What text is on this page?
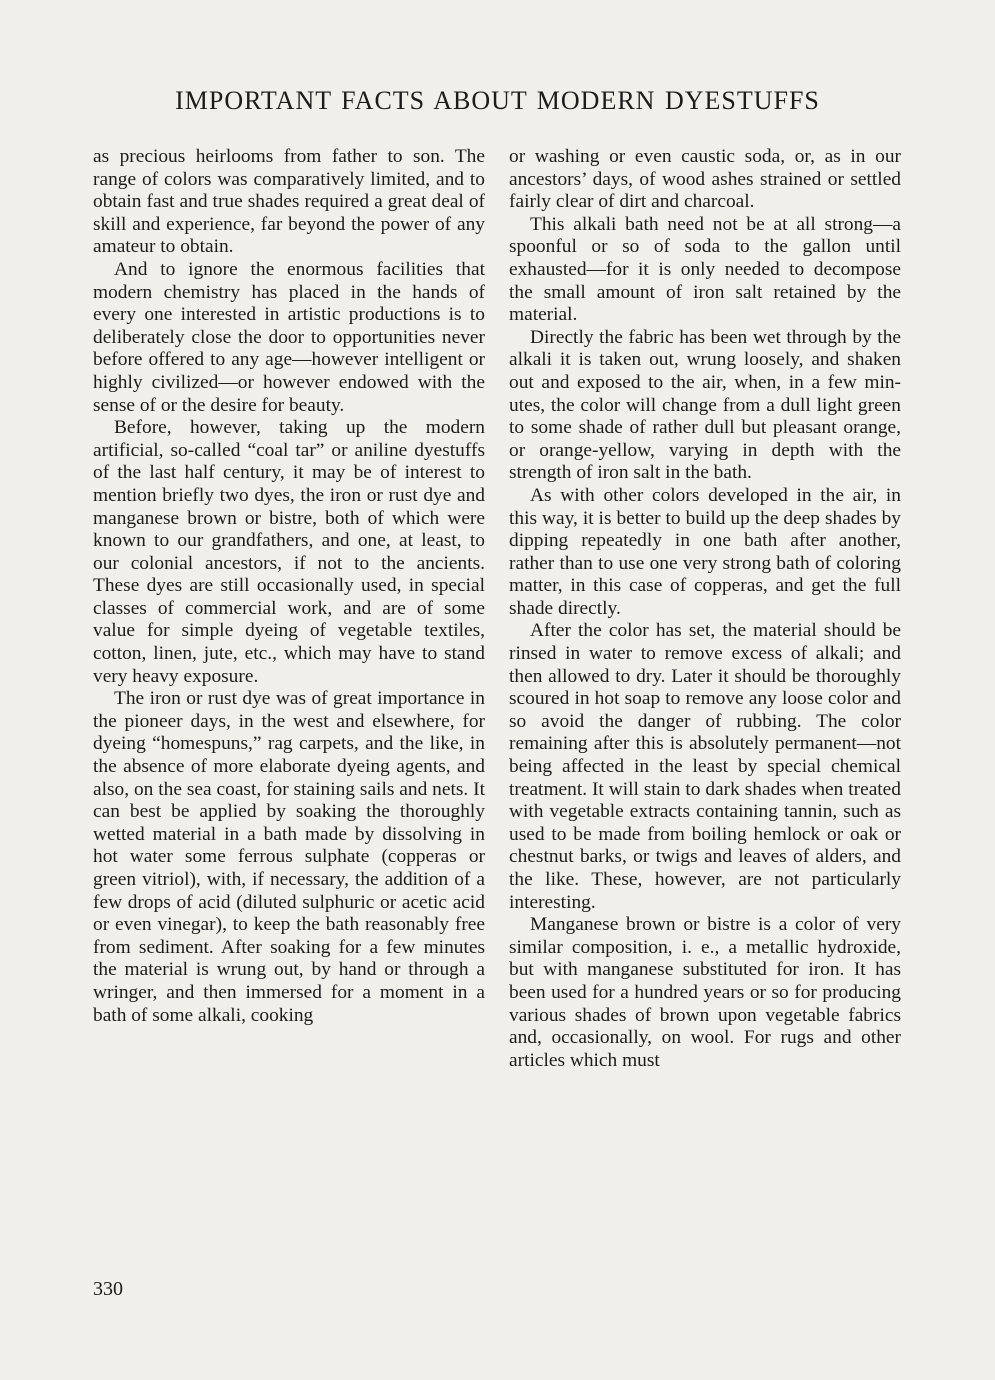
IMPORTANT FACTS ABOUT MODERN DYESTUFFS

as precious heirlooms from father to son. The range of colors was comparatively limited, and to obtain fast and true shades required a great deal of skill and experience, far beyond the power of any amateur to obtain.

And to ignore the enormous facilities that modern chemistry has placed in the hands of every one interested in artistic productions is to deliberately close the door to opportunities never before offered to any age—however intelligent or highly civilized—or however endowed with the sense of or the desire for beauty.

Before, however, taking up the modern artificial, so-called “coal tar” or aniline dyestuffs of the last half century, it may be of interest to mention briefly two dyes, the iron or rust dye and manganese brown or bistre, both of which were known to our grandfathers, and one, at least, to our colonial ancestors, if not to the ancients. These dyes are still occasionally used, in special classes of commercial work, and are of some value for simple dyeing of vegetable textiles, cotton, linen, jute, etc., which may have to stand very heavy exposure.

The iron or rust dye was of great importance in the pioneer days, in the west and elsewhere, for dyeing “homespuns,” rag carpets, and the like, in the absence of more elaborate dyeing agents, and also, on the sea coast, for staining sails and nets. It can best be applied by soaking the thoroughly wetted material in a bath made by dissolving in hot water some ferrous sulphate (copperas or green vitriol), with, if necessary, the addition of a few drops of acid (diluted sulphuric or acetic acid or even vinegar), to keep the bath reasonably free from sediment. After soaking for a few minutes the material is wrung out, by hand or through a wringer, and then immersed for a moment in a bath of some alkali, cooking

or washing or even caustic soda, or, as in our ancestors’ days, of wood ashes strained or settled fairly clear of dirt and charcoal.

This alkali bath need not be at all strong—a spoonful or so of soda to the gallon until exhausted—for it is only needed to decompose the small amount of iron salt retained by the material.

Directly the fabric has been wet through by the alkali it is taken out, wrung loosely, and shaken out and exposed to the air, when, in a few minutes, the color will change from a dull light green to some shade of rather dull but pleasant orange, or orange-yellow, varying in depth with the strength of iron salt in the bath.

As with other colors developed in the air, in this way, it is better to build up the deep shades by dipping repeatedly in one bath after another, rather than to use one very strong bath of coloring matter, in this case of copperas, and get the full shade directly.

After the color has set, the material should be rinsed in water to remove excess of alkali; and then allowed to dry. Later it should be thoroughly scoured in hot soap to remove any loose color and so avoid the danger of rubbing. The color remaining after this is absolutely permanent—not being affected in the least by special chemical treatment. It will stain to dark shades when treated with vegetable extracts containing tannin, such as used to be made from boiling hemlock or oak or chestnut barks, or twigs and leaves of alders, and the like. These, however, are not particularly interesting.

Manganese brown or bistre is a color of very similar composition, i. e., a metallic hydroxide, but with manganese substituted for iron. It has been used for a hundred years or so for producing various shades of brown upon vegetable fabrics and, occasionally, on wool. For rugs and other articles which must

330
